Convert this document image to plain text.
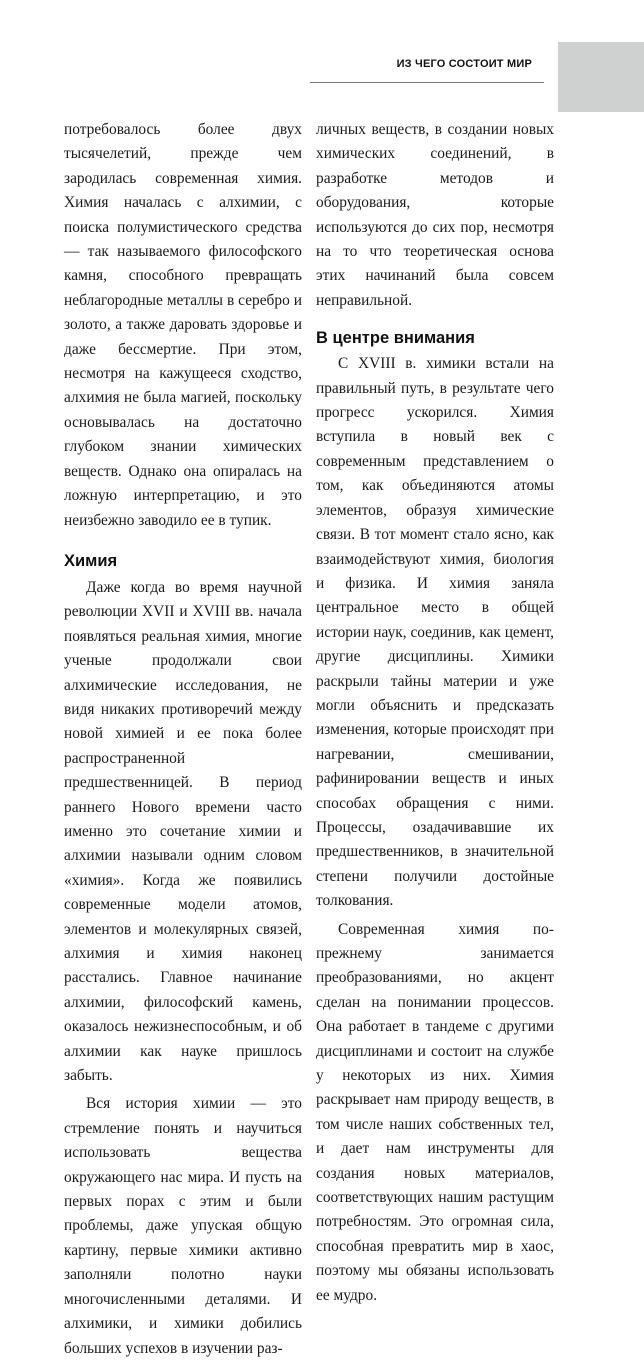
ИЗ ЧЕГО СОСТОИТ МИР

потребовалось более двух тысячелетий, прежде чем зародилась современная химия. Химия началась с алхимии, с поиска полумистического средства — так называемого философского камня, способного превращать неблагородные металлы в серебро и золото, а также даровать здоровье и даже бессмертие. При этом, несмотря на кажущееся сходство, алхимия не была магией, поскольку основывалась на достаточно глубоком знании химических веществ. Однако она опиралась на ложную интерпретацию, и это неизбежно заводило ее в тупик.

Химия

Даже когда во время научной революции XVII и XVIII вв. начала появляться реальная химия, многие ученые продолжали свои алхимические исследования, не видя никаких противоречий между новой химией и ее пока более распространенной предшественницей. В период раннего Нового времени часто именно это сочетание химии и алхимии называли одним словом «химия». Когда же появились современные модели атомов, элементов и молекулярных связей, алхимия и химия наконец расстались. Главное начинание алхимии, философский камень, оказалось нежизнеспособным, и об алхимии как науке пришлось забыть.

Вся история химии — это стремление понять и научиться использовать вещества окружающего нас мира. И пусть на первых порах с этим и были проблемы, даже упуская общую картину, первые химики активно заполняли полотно науки многочисленными деталями. И алхимики, и химики добились больших успехов в изучении раз-

личных веществ, в создании новых химических соединений, в разработке методов и оборудования, которые используются до сих пор, несмотря на то что теоретическая основа этих начинаний была совсем неправильной.

В центре внимания

С XVIII в. химики встали на правильный путь, в результате чего прогресс ускорился. Химия вступила в новый век с современным представлением о том, как объединяются атомы элементов, образуя химические связи. В тот момент стало ясно, как взаимодействуют химия, биология и физика. И химия заняла центральное место в общей истории наук, соединив, как цемент, другие дисциплины. Химики раскрыли тайны материи и уже могли объяснить и предсказать изменения, которые происходят при нагревании, смешивании, рафинировании веществ и иных способах обращения с ними. Процессы, озадачивавшие их предшественников, в значительной степени получили достойные толкования.

Современная химия по-прежнему занимается преобразованиями, но акцент сделан на понимании процессов. Она работает в тандеме с другими дисциплинами и состоит на службе у некоторых из них. Химия раскрывает нам природу веществ, в том числе наших собственных тел, и дает нам инструменты для создания новых материалов, соответствующих нашим растущим потребностям. Это огромная сила, способная превратить мир в хаос, поэтому мы обязаны использовать ее мудро.
